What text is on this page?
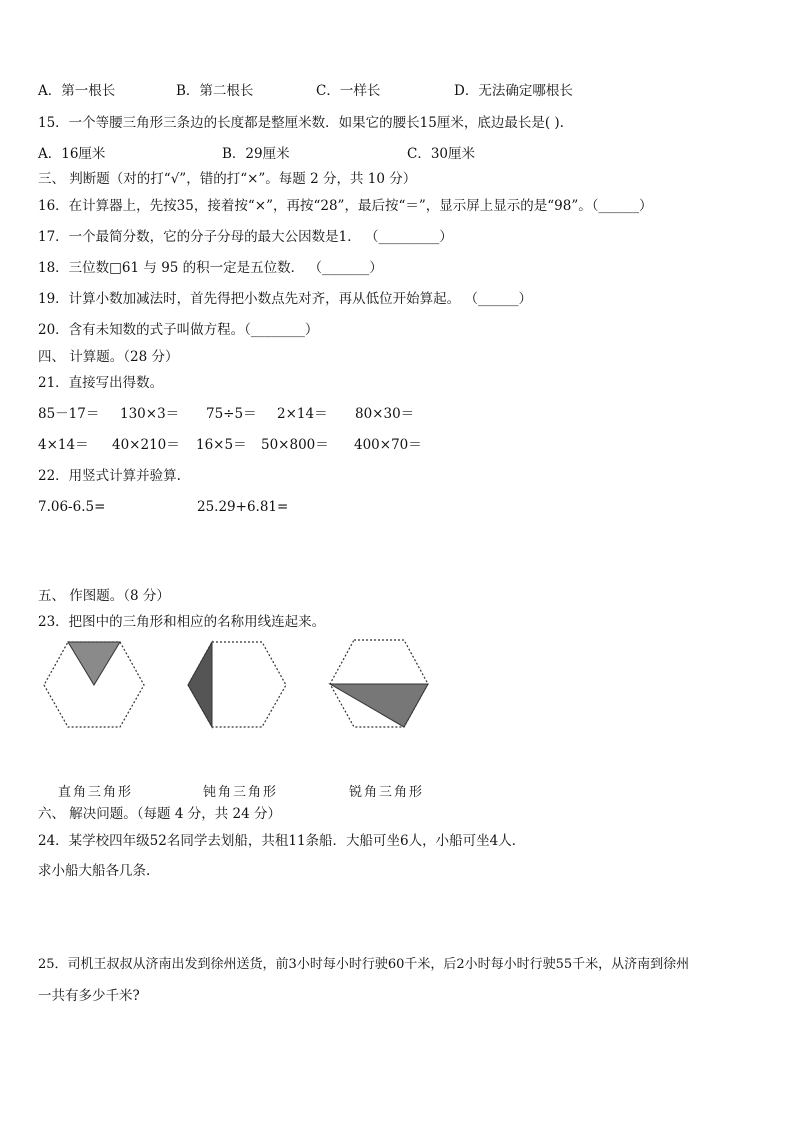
A．第一根长	B．第二根长	C．一样长	D．无法确定哪根长
15．一个等腰三角形三条边的长度都是整厘米数．如果它的腰长15厘米，底边最长是( ).
A．16厘米	B．29厘米	C．30厘米
三、 判断题（对的打“√”，错的打“×”。每题 2 分，共 10 分）
16．在计算器上，先按35，接着按“×”，再按“28”，最后按“＝”，显示屏上显示的是“98”。（______）
17．一个最简分数，它的分子分母的最大公因数是1． （_________）
18．三位数□61 与 95 的积一定是五位数． （_______）
19．计算小数加减法时，首先得把小数点先对齐，再从低位开始算起。 （______）
20．含有未知数的式子叫做方程。（________）
四、 计算题。（28 分）
21．直接写出得数。
85－17＝ 130×3＝ 75÷5＝ 2×14＝ 80×30＝
4×14＝ 40×210＝ 16×5＝ 50×800＝ 400×70＝
22．用竖式计算并验算.
7.06-6.5=	25.29+6.81=
五、 作图题。（8 分）
23．把图中的三角形和相应的名称用线连起来。
直角三角形	钝角三角形	锐角三角形
六、 解决问题。（每题 4 分，共 24 分）
24．某学校四年级52名同学去划船，共租11条船．大船可坐6人，小船可坐4人．
求小船大船各几条.
25．司机王叔叔从济南出发到徐州送货，前3小时每小时行驶60千米，后2小时每小时行驶55千米，从济南到徐州
一共有多少千米?
